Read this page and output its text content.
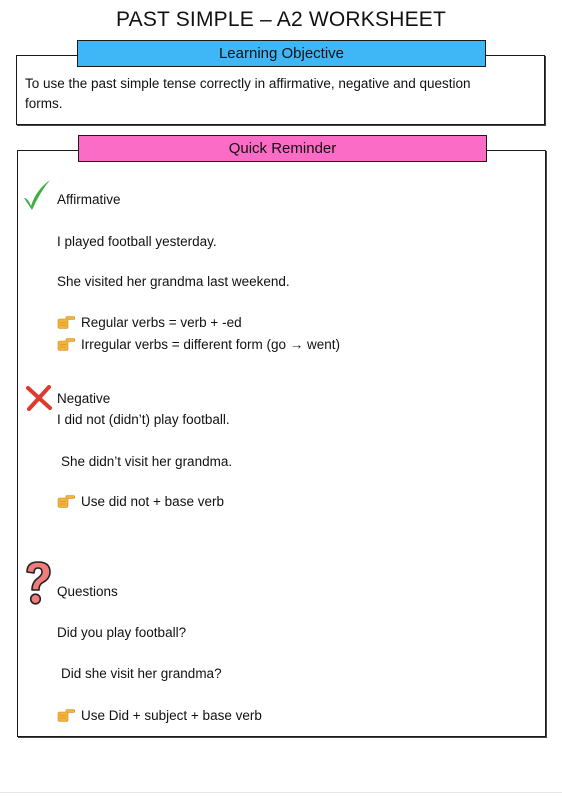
PAST SIMPLE – A2 WORKSHEET
To use the past simple tense correctly in affirmative, negative and question forms.
Learning Objective
Quick Reminder
Affirmative
I played football yesterday.
She visited her grandma last weekend.
Regular verbs = verb + -ed
Irregular verbs = different form (go → went)
Negative
I did not (didn’t) play football.
She didn’t visit her grandma.
Use did not + base verb
Questions
Did you play football?
Did she visit her grandma?
Use Did + subject + base verb
